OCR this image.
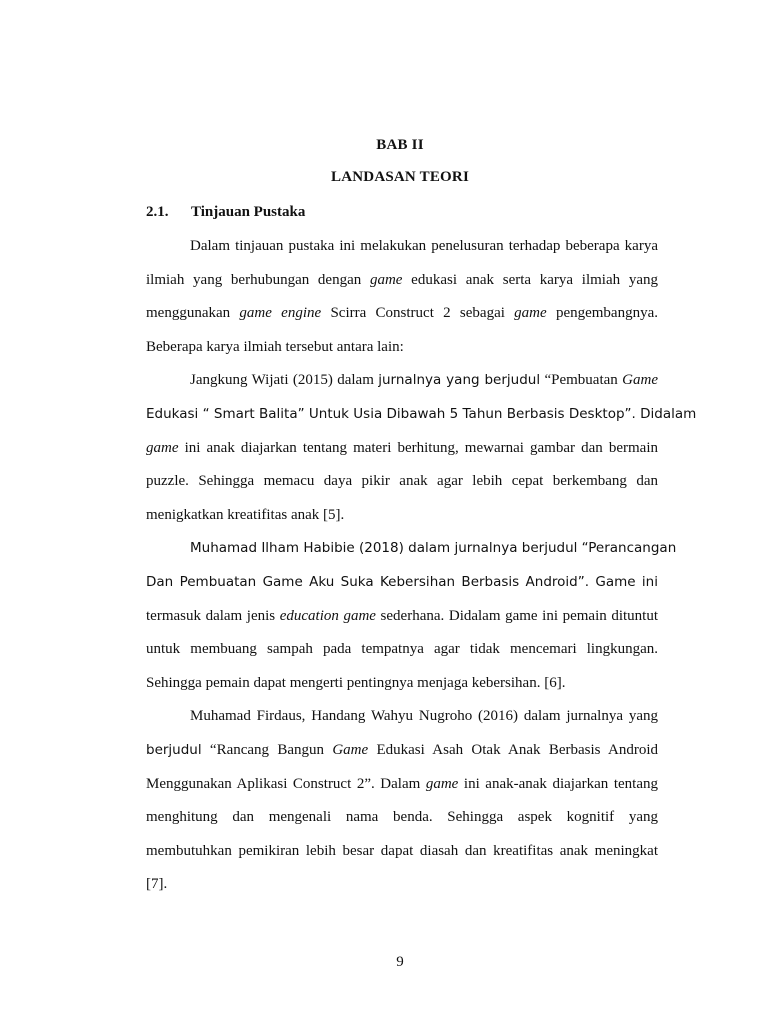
BAB II
LANDASAN TEORI
2.1. Tinjauan Pustaka

Dalam tinjauan pustaka ini melakukan penelusuran terhadap beberapa karya
ilmiah yang berhubungan dengan game edukasi anak serta karya ilmiah yang
menggunakan game engine Scirra Construct 2 sebagai game pengembangnya.
Beberapa karya ilmiah tersebut antara lain:

Jangkung Wijati (2015) dalam jurnalnya yang berjudul “Pembuatan Game
Edukasi “ Smart Balita” Untuk Usia Dibawah 5 Tahun Berbasis Desktop”. Didalam
game ini anak diajarkan tentang materi berhitung, mewarnai gambar dan bermain
puzzle. Sehingga memacu daya pikir anak agar lebih cepat berkembang dan
menigkatkan kreatifitas anak [5].

Muhamad Ilham Habibie (2018) dalam jurnalnya berjudul “Perancangan
Dan Pembuatan Game Aku Suka Kebersihan Berbasis Android”. Game ini
termasuk dalam jenis education game sederhana. Didalam game ini pemain dituntut
untuk membuang sampah pada tempatnya agar tidak mencemari lingkungan.
Sehingga pemain dapat mengerti pentingnya menjaga kebersihan. [6].

Muhamad Firdaus, Handang Wahyu Nugroho (2016) dalam jurnalnya yang
berjudul “Rancang Bangun Game Edukasi Asah Otak Anak Berbasis Android
Menggunakan Aplikasi Construct 2”. Dalam game ini anak-anak diajarkan tentang
menghitung dan mengenali nama benda. Sehingga aspek kognitif yang
membutuhkan pemikiran lebih besar dapat diasah dan kreatifitas anak meningkat
[7].

9
